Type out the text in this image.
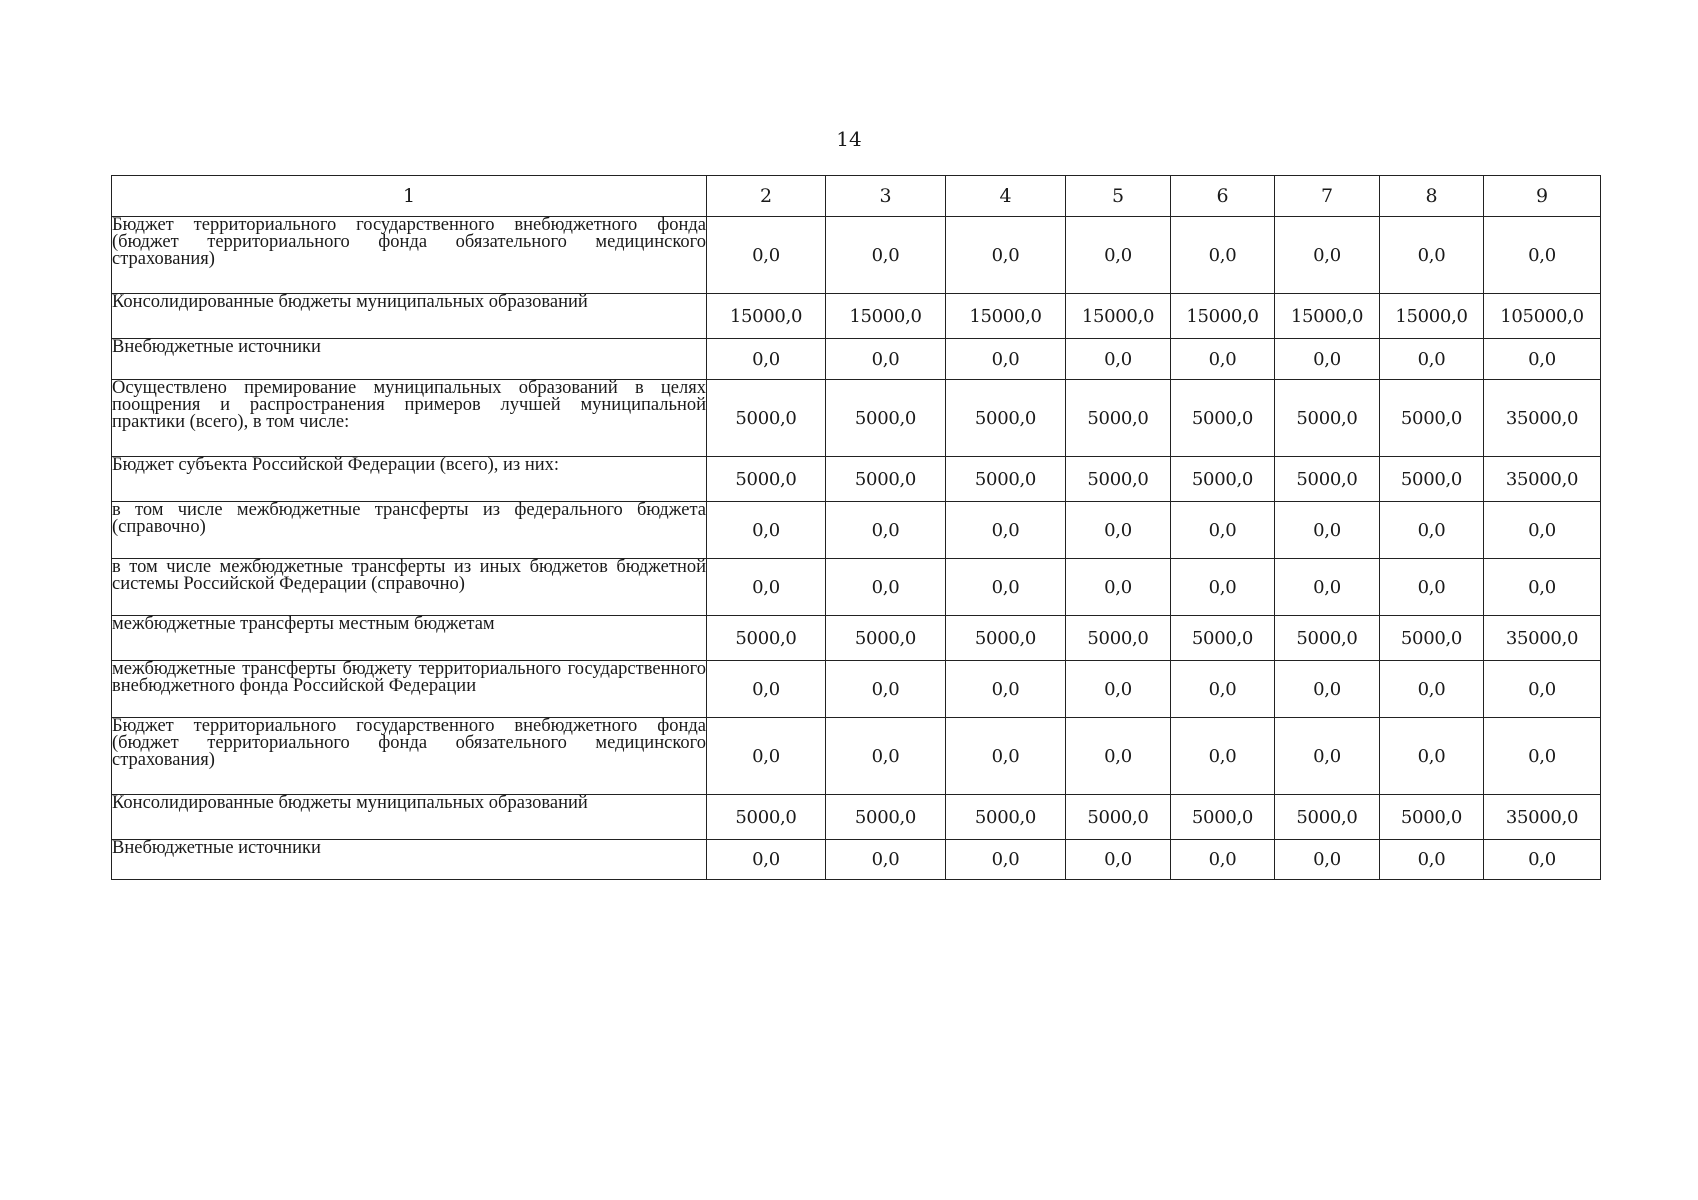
14
1	2	3	4	5	6	7	8	9
Бюджет территориального государственного внебюджетного фонда (бюджет территориального фонда обязательного медицинского страхования)	0,0	0,0	0,0	0,0	0,0	0,0	0,0	0,0
Консолидированные бюджеты муниципальных образований	15000,0	15000,0	15000,0	15000,0	15000,0	15000,0	15000,0	105000,0
Внебюджетные источники	0,0	0,0	0,0	0,0	0,0	0,0	0,0	0,0
Осуществлено премирование муниципальных образований в целях поощрения и распространения примеров лучшей муниципальной практики (всего), в том числе:	5000,0	5000,0	5000,0	5000,0	5000,0	5000,0	5000,0	35000,0
Бюджет субъекта Российской Федерации (всего), из них:	5000,0	5000,0	5000,0	5000,0	5000,0	5000,0	5000,0	35000,0
в том числе межбюджетные трансферты из федерального бюджета (справочно)	0,0	0,0	0,0	0,0	0,0	0,0	0,0	0,0
в том числе межбюджетные трансферты из иных бюджетов бюджетной системы Российской Федерации (справочно)	0,0	0,0	0,0	0,0	0,0	0,0	0,0	0,0
межбюджетные трансферты местным бюджетам	5000,0	5000,0	5000,0	5000,0	5000,0	5000,0	5000,0	35000,0
межбюджетные трансферты бюджету территориального государственного внебюджетного фонда Российской Федерации	0,0	0,0	0,0	0,0	0,0	0,0	0,0	0,0
Бюджет территориального государственного внебюджетного фонда (бюджет территориального фонда обязательного медицинского страхования)	0,0	0,0	0,0	0,0	0,0	0,0	0,0	0,0
Консолидированные бюджеты муниципальных образований	5000,0	5000,0	5000,0	5000,0	5000,0	5000,0	5000,0	35000,0
Внебюджетные источники	0,0	0,0	0,0	0,0	0,0	0,0	0,0	0,0
